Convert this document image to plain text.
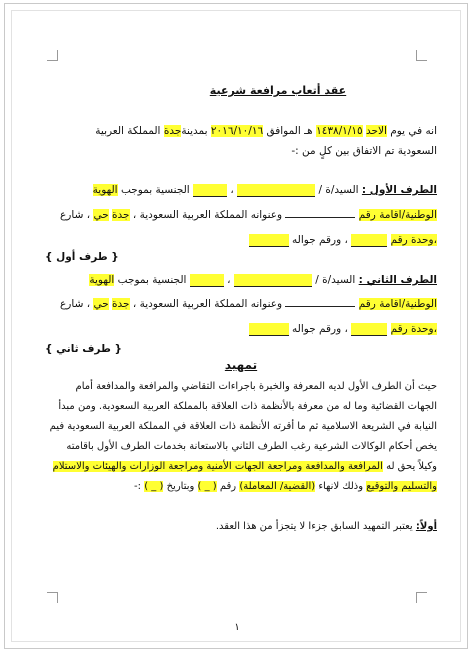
عقد أتعاب مرافعة شرعية
انه في يوم الاحد ١٤٣٨/١/١٥ هـ الموافق ٢٠١٦/١٠/١٦ بمدينةجدة المملكة العربية
السعودية تم الاتفاق بين كلٍ من :-
الطرف الأول : السيد/ة /  ،  الجنسية بموجب الهوية
الوطنية/اقامة رقم  وعنوانه المملكة العربية السعودية ، جدة حي ، شارع
،وحدة رقم  ، ورقم جواله
{ طرف أول }
الطرف الثاني : السيد/ة /  ،  الجنسية بموجب الهوية
الوطنية/اقامة رقم  وعنوانه المملكة العربية السعودية ، جدة حي ، شارع
،وحدة رقم  ، ورقم جواله
{ طرف ثاني }
تمهيد
حيث أن الطرف الأول لديه المعرفة والخبرة باجراءات التقاضي والمرافعة والمدافعة أمام
الجهات القضائية وما له من معرفة بالأنظمة ذات العلاقة بالمملكة العربية السعودية. ومن مبدأ
النيابة في الشريعة الاسلامية ثم ما أقرته الأنظمة ذات العلاقة في المملكة العربية السعودية فيم
يخص أحكام الوكالات الشرعية رغب الطرف الثاني بالاستعانة بخدمات الطرف الأول باقامته
وكيلاً يحق له المرافعة والمدافعة ومراجعة الجهات الأمنية ومراجعة الوزارات والهيئات والاستلام
والتسليم والتوقيع وذلك لانهاء (القضية/ المعاملة) رقم ( _ ) وبتاريخ ( _ ) :-
أولاً: يعتبر التمهيد السابق جزءا لا يتجزأ من هذا العقد.
١
